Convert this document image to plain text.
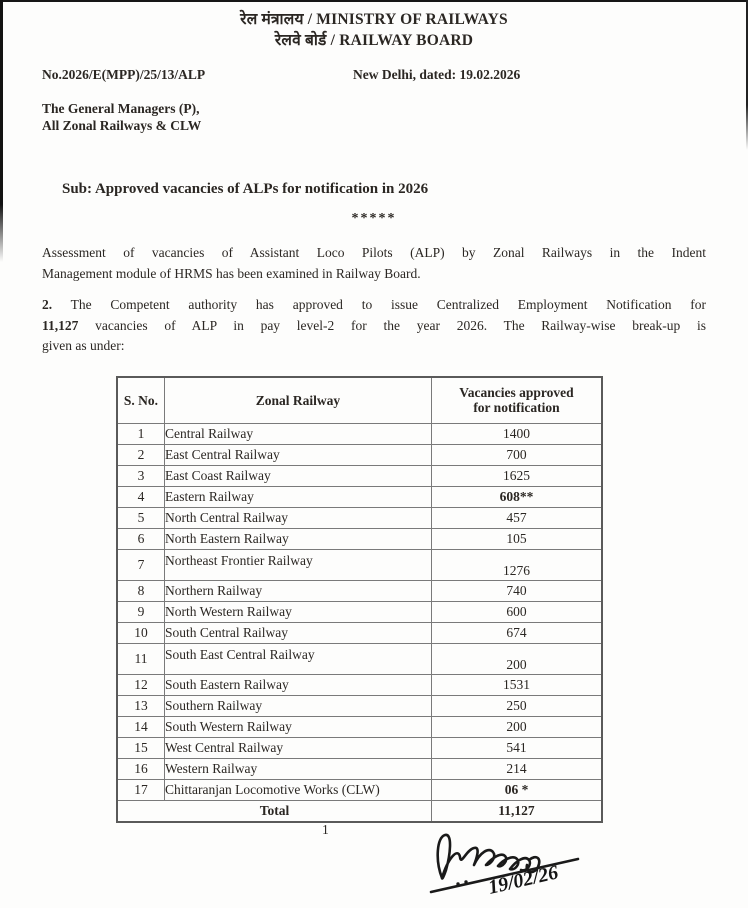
रेल मंत्रालय / MINISTRY OF RAILWAYS
रेलवे बोर्ड / RAILWAY BOARD
No.2026/E(MPP)/25/13/ALP	New Delhi, dated: 19.02.2026
The General Managers (P),
All Zonal Railways & CLW
Sub: Approved vacancies of ALPs for notification in 2026
*****
Assessment of vacancies of Assistant Loco Pilots (ALP) by Zonal Railways in the Indent
Management module of HRMS has been examined in Railway Board.
2. The Competent authority has approved to issue Centralized Employment Notification for
11,127 vacancies of ALP in pay level-2 for the year 2026. The Railway-wise break-up is
given as under:
S. No.	Zonal Railway	Vacancies approved
for notification

1	Central Railway	1400
2	East Central Railway	700
3	East Coast Railway	1625
4	Eastern Railway	608**
5	North Central Railway	457
6	North Eastern Railway	105
7	Northeast Frontier Railway	1276
8	Northern Railway	740
9	North Western Railway	600
10	South Central Railway	674
11	South East Central Railway	200
12	South Eastern Railway	1531
13	Southern Railway	250
14	South Western Railway	200
15	West Central Railway	541
16	Western Railway	214
17	Chittaranjan Locomotive Works (CLW)	06 *
Total		11,127
1
19/02/26
